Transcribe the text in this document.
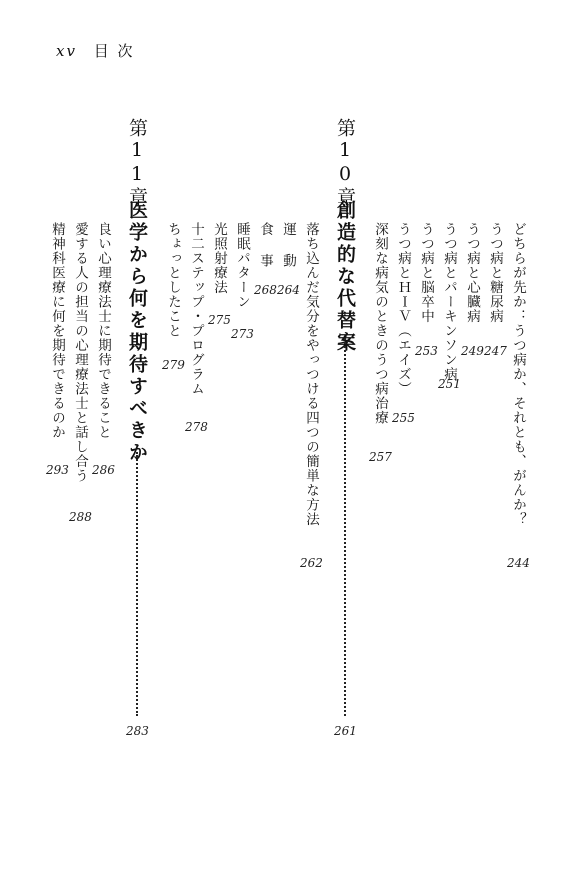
xv 目 次
どちらが先か：うつ病か、それとも、がんか？
244
うつ病と糖尿病
247
うつ病と心臓病
249
うつ病とパーキンソン病
251
うつ病と脳卒中
253
うつ病とＨＩＶ（エイズ）
255
深刻な病気のときのうつ病治療
257
第10章
創造的な代替案
261
落ち込んだ気分をやっつける四つの簡単な方法
262
運 動
264
食 事
268
睡眠パターン
273
光照射療法
275
十二ステップ・プログラム
278
ちょっとしたこと
279
第11章
医学から何を期待すべきか
283
良い心理療法士に期待できること
286
愛する人の担当の心理療法士と話し合う
288
精神科医療に何を期待できるのか
293
